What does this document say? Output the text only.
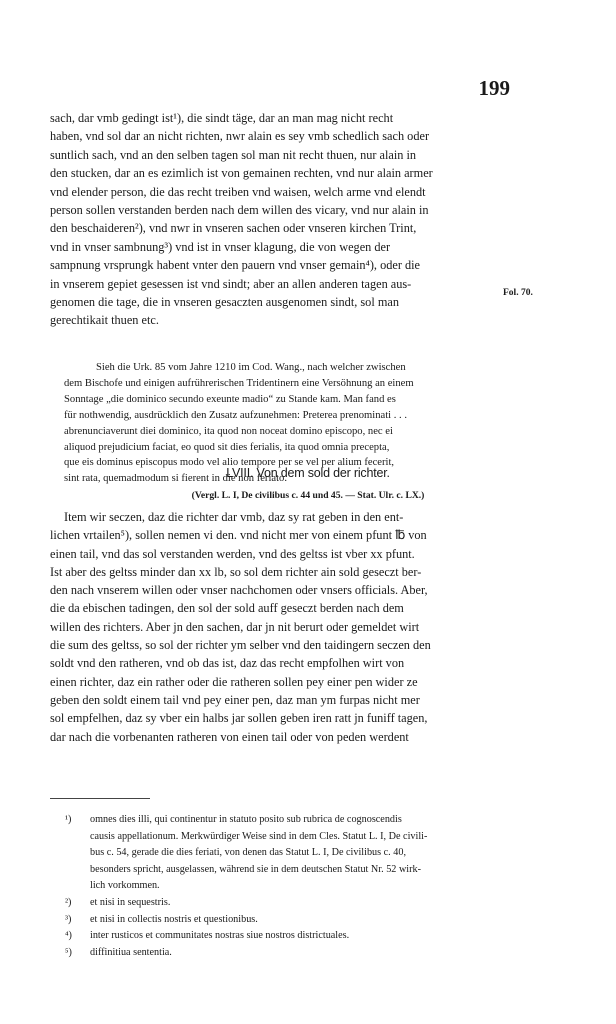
199
sach, dar vmb gedingt ist¹), die sindt täge, dar an man mag nicht recht
haben, vnd sol dar an nicht richten, nwr alain es sey vmb schedlich sach oder
suntlich sach, vnd an den selben tagen sol man nit recht thuen, nur alain in
den stucken, dar an es ezimlich ist von gemainen rechten, vnd nur alain armer
vnd elender person, die das recht treiben vnd waisen, welch arme vnd elendt
person sollen verstanden berden nach dem willen des vicary, vnd nur alain in
den beschaideren²), vnd nwr in vnseren sachen oder vnseren kirchen Trint,
vnd in vnser sambnung³) vnd ist in vnser klagung, die von wegen der
sampnung vrsprungk habent vnter den pauern vnd vnser gemain⁴), oder die
in vnserem gepiet gesessen ist vnd sindt; aber an allen anderen tagen aus-
genomen die tage, die in vnseren gesaczten ausgenomen sindt, sol man
gerechtikait thuen etc.
Fol. 70.
Sieh die Urk. 85 vom Jahre 1210 im Cod. Wang., nach welcher zwischen
dem Bischofe und einigen aufrührerischen Tridentinern eine Versöhnung an einem
Sonntage „die dominico secundo exeunte madio“ zu Stande kam. Man fand es
für nothwendig, ausdrücklich den Zusatz aufzunehmen: Preterea prenominati . . .
abrenunciaverunt diei dominico, ita quod non noceat domino episcopo, nec ei
aliquod prejudicium faciat, eo quod sit dies ferialis, ita quod omnia precepta,
que eis dominus episcopus modo vel alio tempore per se vel per alium fecerit,
sint rata, quemadmodum si fierent in die non feriato.
LVIII. Von dem sold der richter.
(Vergl. L. I, De civilibus c. 44 und 45. — Stat. Ulr. c. LX.)
Item wir seczen, daz die richter dar vmb, daz sy rat geben in den ent-
lichen vrtailen⁵), sollen nemen vi den. vnd nicht mer von einem pfunt ℔ von
einen tail, vnd das sol verstanden werden, vnd des geltss ist vber xx pfunt.
Ist aber des geltss minder dan xx lb, so sol dem richter ain sold geseczt ber-
den nach vnserem willen oder vnser nachchomen oder vnsers officials. Aber,
die da ebischen tadingen, den sol der sold auff geseczt berden nach dem
willen des richters. Aber jn den sachen, dar jn nit berurt oder gemeldet wirt
die sum des geltss, so sol der richter ym selber vnd den taidingern seczen den
soldt vnd den ratheren, vnd ob das ist, daz das recht empfolhen wirt von
einen richter, daz ein rather oder die ratheren sollen pey einer pen wider ze
geben den soldt einem tail vnd pey einer pen, daz man ym furpas nicht mer
sol empfelhen, daz sy vber ein halbs jar sollen geben iren ratt jn funiff tagen,
dar nach die vorbenanten ratheren von einen tail oder von peden werdent
¹) omnes dies illi, qui continentur in statuto posito sub rubrica de cognoscendis
causis appellationum. Merkwürdiger Weise sind in dem Cles. Statut L. I, De civili-
bus c. 54, gerade die dies feriati, von denen das Statut L. I, De civilibus c. 40,
besonders spricht, ausgelassen, während sie in dem deutschen Statut Nr. 52 wirk-
lich vorkommen.
²) et nisi in sequestris.
³) et nisi in collectis nostris et questionibus.
⁴) inter rusticos et communitates nostras siue nostros districtuales.
⁵) diffinitiua sententia.
